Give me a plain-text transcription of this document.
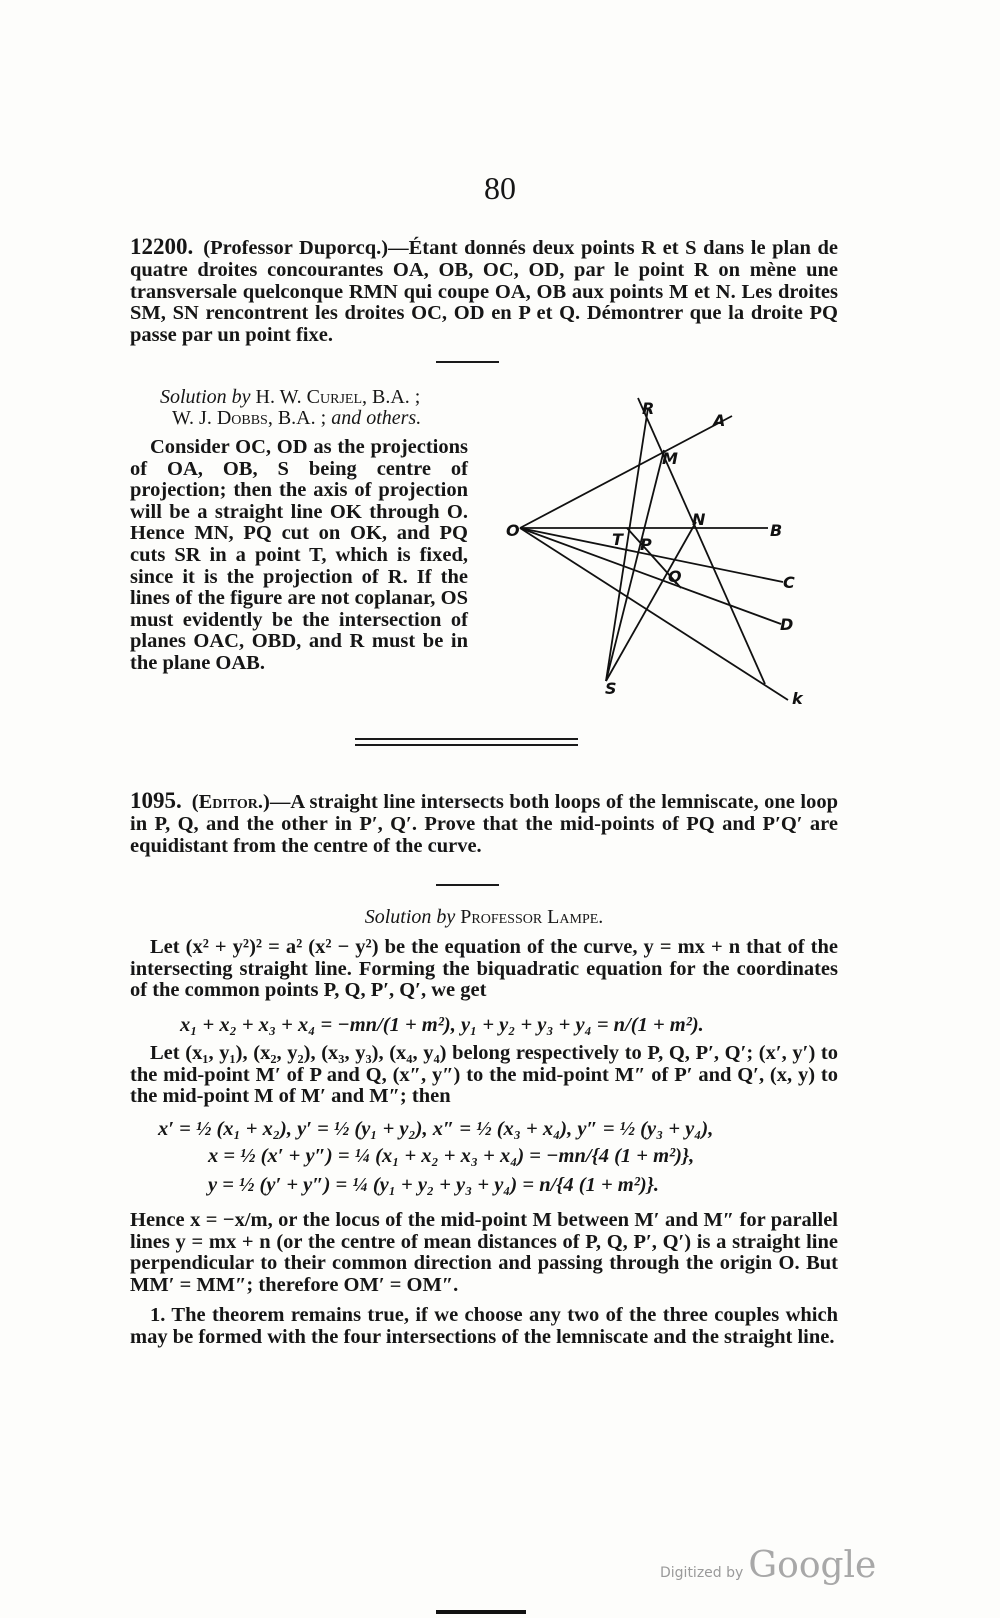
80
12200. (Professor Duporcq.)—Étant donnés deux points R et S dans le plan de quatre droites concourantes OA, OB, OC, OD, par le point R on mène une transversale quelconque RMN qui coupe OA, OB aux points M et N. Les droites SM, SN rencontrent les droites OC, OD en P et Q. Démontrer que la droite PQ passe par un point fixe.
Solution by H. W. Curjel, B.A. ;
W. J. Dobbs, B.A. ; and others.
Consider OC, OD as the projections of OA, OB, S being centre of projection; then the axis of projection will be a straight line OK through O. Hence MN, PQ cut on OK, and PQ cuts SR in a point T, which is fixed, since it is the projection of R. If the lines of the figure are not coplanar, OS must evidently be the intersection of planes OAC, OBD, and R must be in the plane OAB.
R
A
M
O
N
B
T P
Q	C
D
S
k
1095. (Editor.)—A straight line intersects both loops of the lemniscate, one loop in P, Q, and the other in P′, Q′. Prove that the mid-points of PQ and P′Q′ are equidistant from the centre of the curve.
Solution by Professor Lampe.
Let (x² + y²)² = a² (x² − y²) be the equation of the curve, y = mx + n that of the intersecting straight line. Forming the biquadratic equation for the coordinates of the common points P, Q, P′, Q′, we get
x₁ + x₂ + x₃ + x₄ = −mn/(1 + m²), y₁ + y₂ + y₃ + y₄ = n/(1 + m²).
Let (x₁, y₁), (x₂, y₂), (x₃, y₃), (x₄, y₄) belong respectively to P, Q, P′, Q′; (x′, y′) to the mid-point M′ of P and Q, (x″, y″) to the mid-point M″ of P′ and Q′, (x, y) to the mid-point M of M′ and M″; then
x′ = ½ (x₁ + x₂), y′ = ½ (y₁ + y₂), x″ = ½ (x₃ + x₄), y″ = ½ (y₃ + y₄),
x = ½ (x′ + y″) = ¼ (x₁ + x₂ + x₃ + x₄) = −mn/{4 (1 + m²)},
y = ½ (y′ + y″) = ¼ (y₁ + y₂ + y₃ + y₄) = n/{4 (1 + m²)}.
Hence x = −x/m, or the locus of the mid-point M between M′ and M″ for parallel lines y = mx + n (or the centre of mean distances of P, Q, P′, Q′) is a straight line perpendicular to their common direction and passing through the origin O. But MM′ = MM″; therefore OM′ = OM″.
1. The theorem remains true, if we choose any two of the three couples which may be formed with the four intersections of the lemniscate and the straight line.
Digitized by Google
